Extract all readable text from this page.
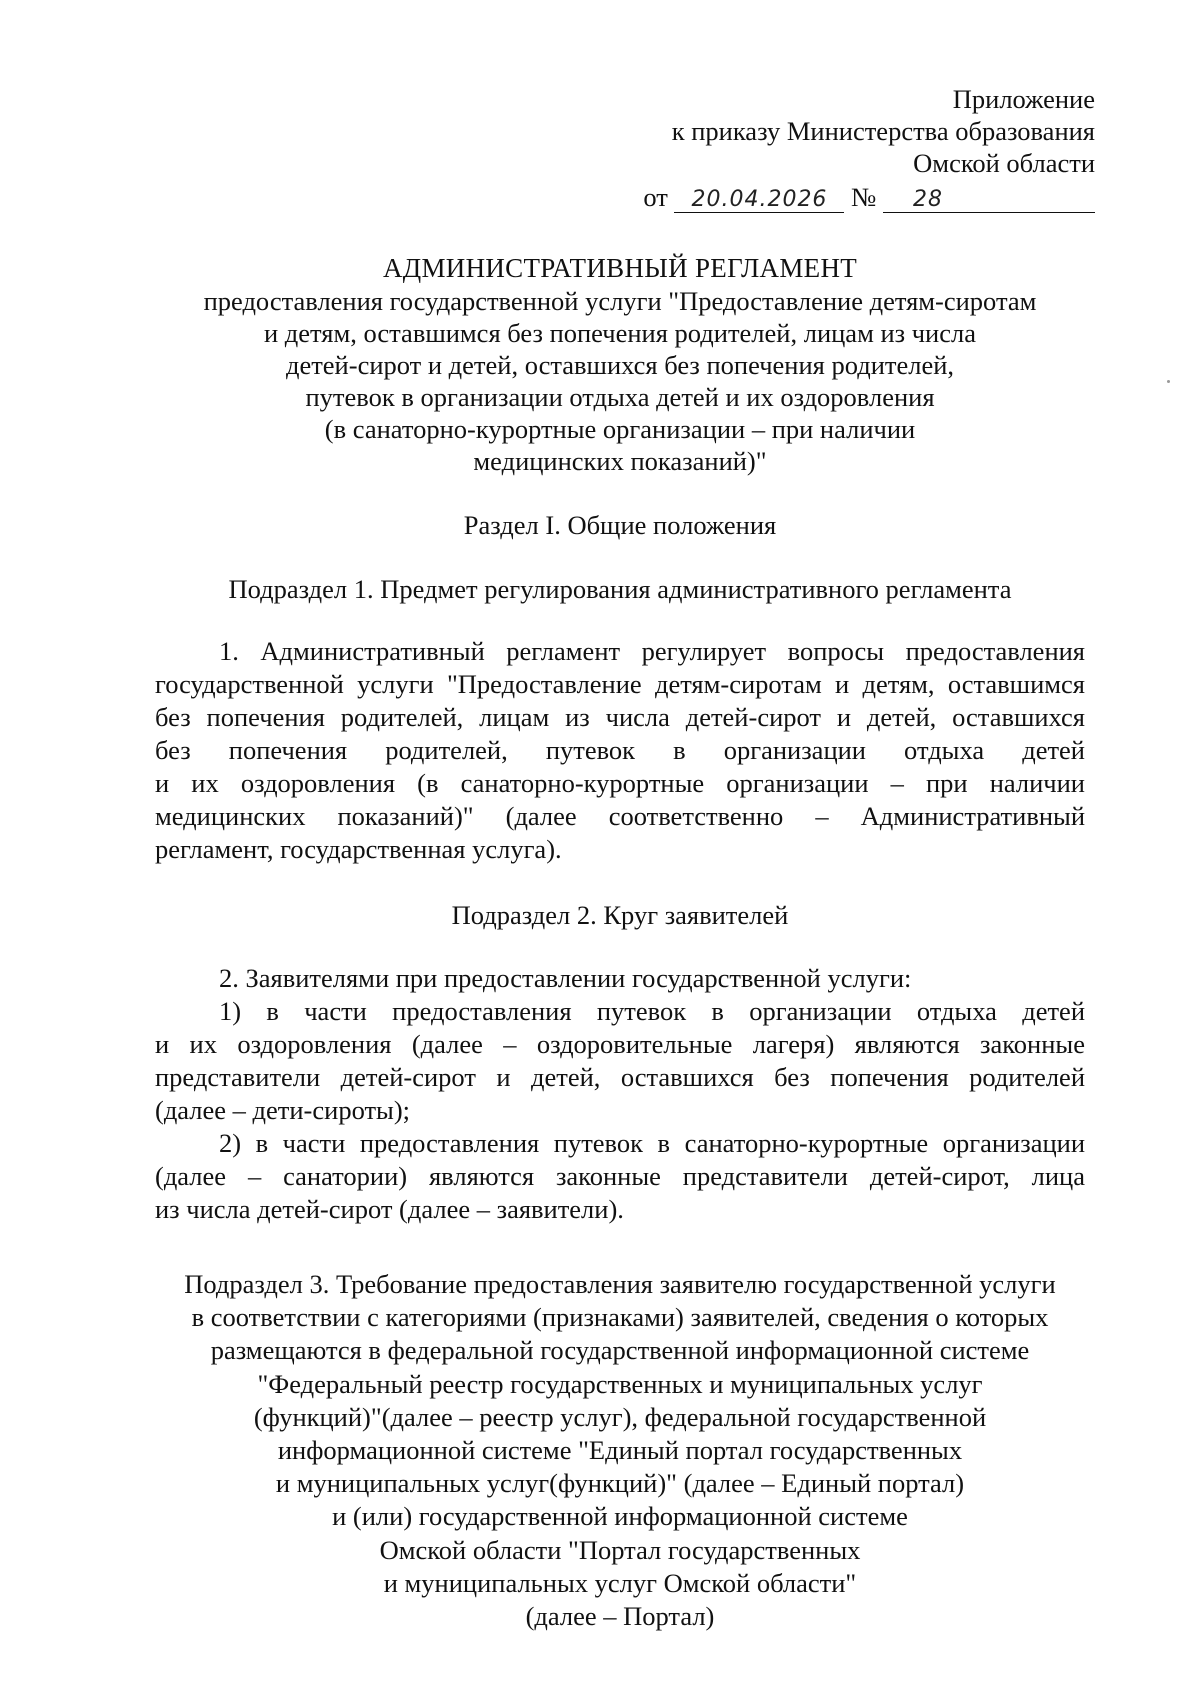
Приложение
к приказу Министерства образования
Омской области
от 20.04.2026 № 28
АДМИНИСТРАТИВНЫЙ РЕГЛАМЕНТ
предоставления государственной услуги "Предоставление детям-сиротам
и детям, оставшимся без попечения родителей, лицам из числа
детей-сирот и детей, оставшихся без попечения родителей,
путевок в организации отдыха детей и их оздоровления
(в санаторно-курортные организации – при наличии
медицинских показаний)"
Раздел I. Общие положения
Подраздел 1. Предмет регулирования административного регламента
1. Административный регламент регулирует вопросы предоставления
государственной услуги "Предоставление детям-сиротам и детям, оставшимся
без попечения родителей, лицам из числа детей-сирот и детей, оставшихся
без попечения родителей, путевок в организации отдыха детей
и их оздоровления (в санаторно-курортные организации – при наличии
медицинских показаний)" (далее соответственно – Административный
регламент, государственная услуга).
Подраздел 2. Круг заявителей
2. Заявителями при предоставлении государственной услуги:
1) в части предоставления путевок в организации отдыха детей
и их оздоровления (далее – оздоровительные лагеря) являются законные
представители детей-сирот и детей, оставшихся без попечения родителей
(далее – дети-сироты);
2) в части предоставления путевок в санаторно-курортные организации
(далее – санатории) являются законные представители детей-сирот, лица
из числа детей-сирот (далее – заявители).
Подраздел 3. Требование предоставления заявителю государственной услуги
в соответствии с категориями (признаками) заявителей, сведения о которых
размещаются в федеральной государственной информационной системе
"Федеральный реестр государственных и муниципальных услуг
(функций)"(далее – реестр услуг), федеральной государственной
информационной системе "Единый портал государственных
и муниципальных услуг(функций)" (далее – Единый портал)
и (или) государственной информационной системе
Омской области "Портал государственных
и муниципальных услуг Омской области"
(далее – Портал)
